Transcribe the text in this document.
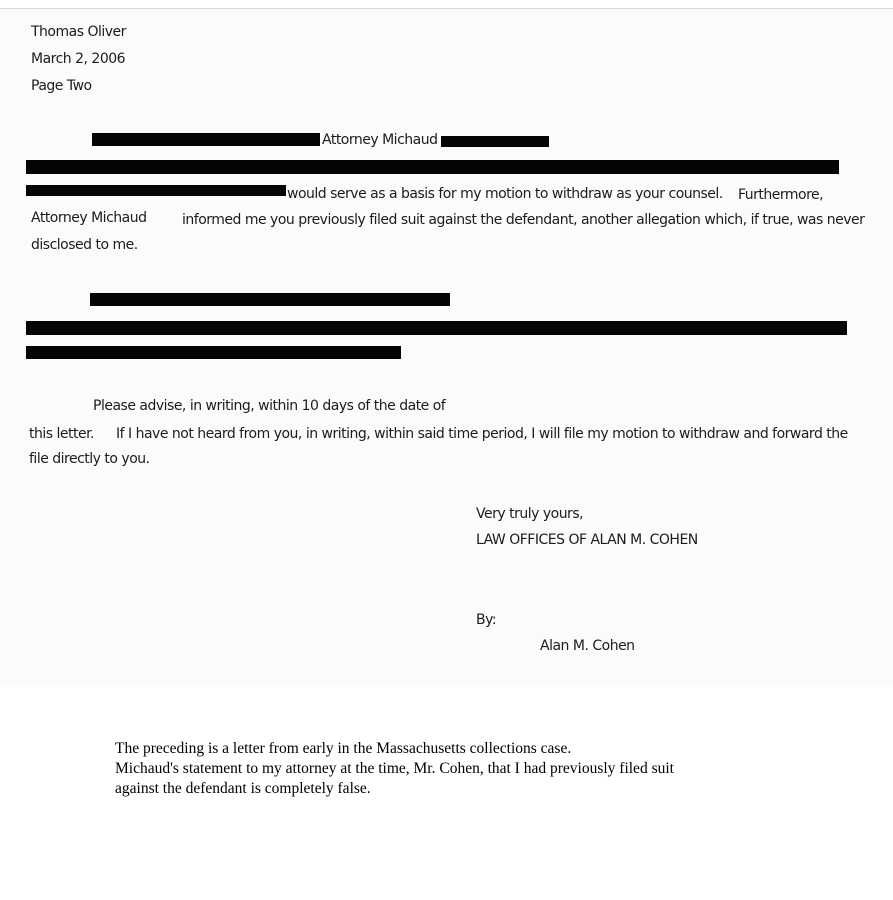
Thomas Oliver
March 2, 2006
Page Two
Attorney Michaud
would serve as a basis for my motion to withdraw as your counsel. Furthermore,
Attorney Michaud	informed me you previously filed suit against the defendant, another allegation which, if true, was never
disclosed to me.
Please advise, in writing, within 10 days of the date of
this letter. If I have not heard from you, in writing, within said time period, I will file my motion to withdraw and forward the
file directly to you.
Very truly yours,
LAW OFFICES OF ALAN M. COHEN
By:
Alan M. Cohen
The preceding is a letter from early in the Massachusetts collections case.
Michaud's statement to my attorney at the time, Mr. Cohen, that I had previously filed suit
against the defendant is completely false.
